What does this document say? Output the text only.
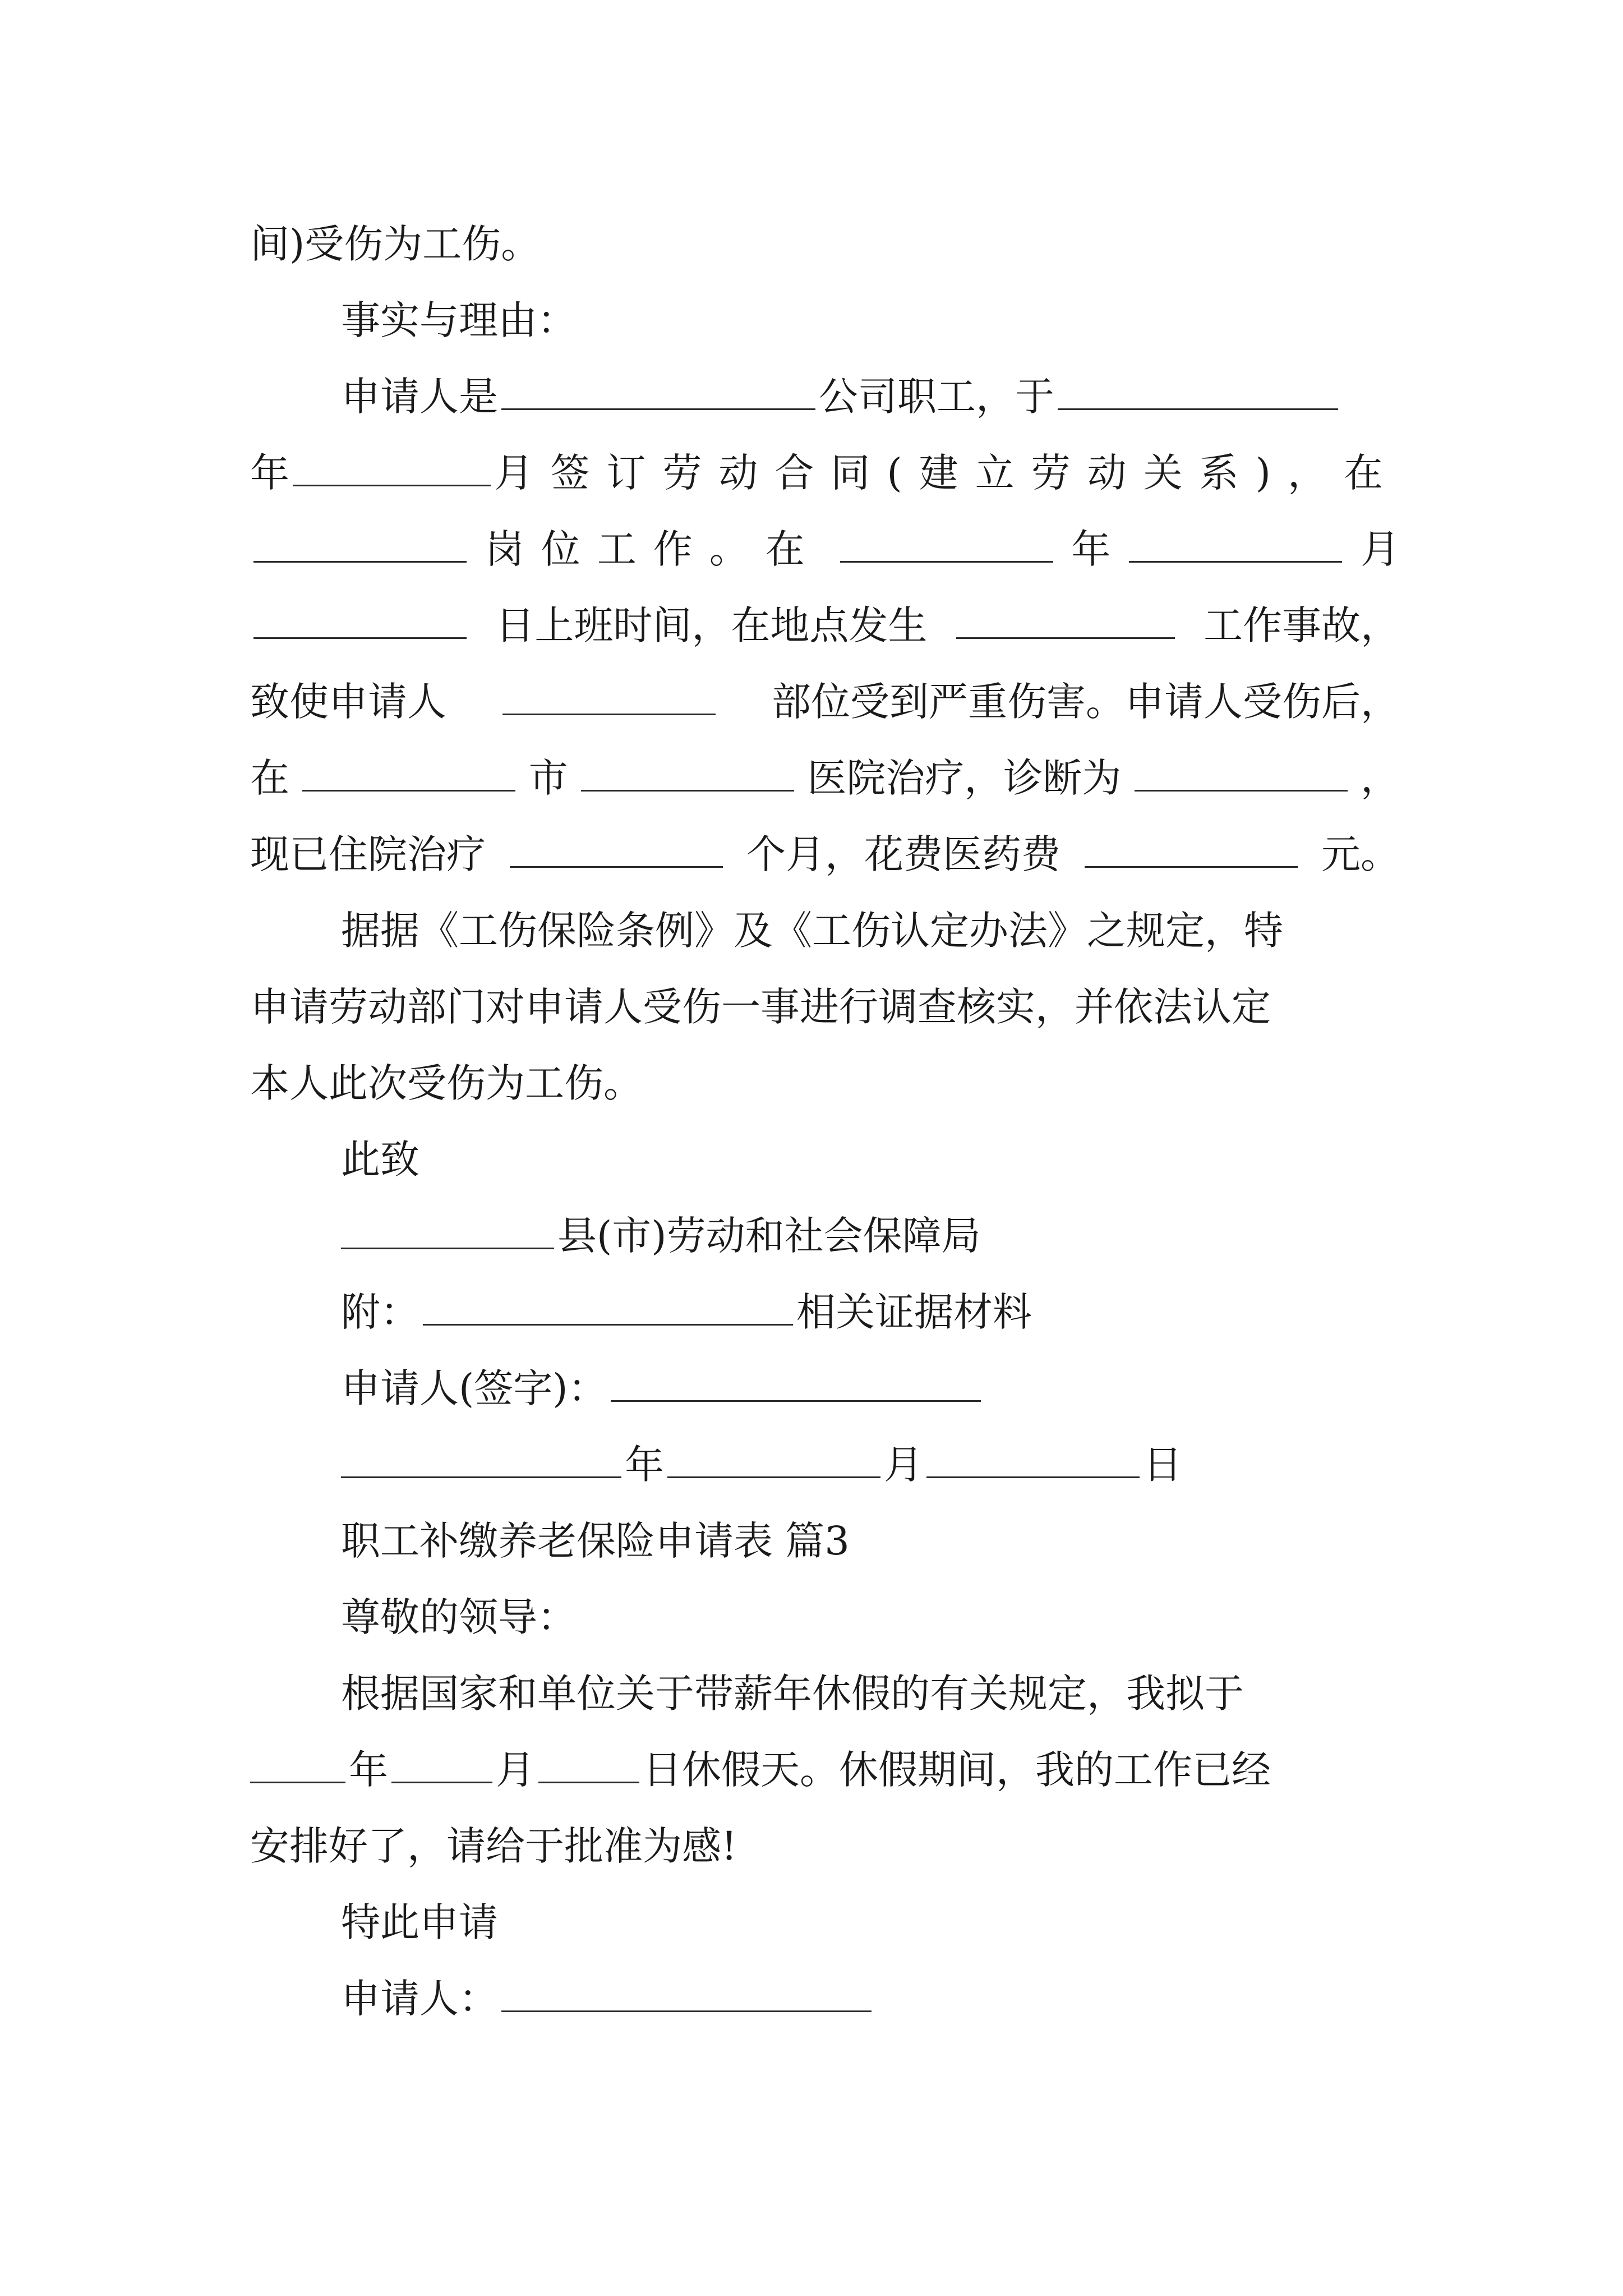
间)受伤为工伤。
事实与理由：
申请人是	公司职工，于
年	月签订劳动合同(建立劳动关系)，在
岗位工作。在	年	月
日上班时间，在地点发生	工作事故，
致使申请人	部位受到严重伤害。申请人受伤后，
在	市	医院治疗，诊断为	，
现已住院治疗	个月，花费医药费	元。
据据《工伤保险条例》及《工伤认定办法》之规定，特
申请劳动部门对申请人受伤一事进行调查核实，并依法认定
本人此次受伤为工伤。
此致
县(市)劳动和社会保障局
附：	相关证据材料
申请人(签字)：
年	月	日
职工补缴养老保险申请表 篇3
尊敬的领导：
根据国家和单位关于带薪年休假的有关规定，我拟于
年	月	日休假天。休假期间，我的工作已经
安排好了，请给于批准为感!
特此申请
申请人：
